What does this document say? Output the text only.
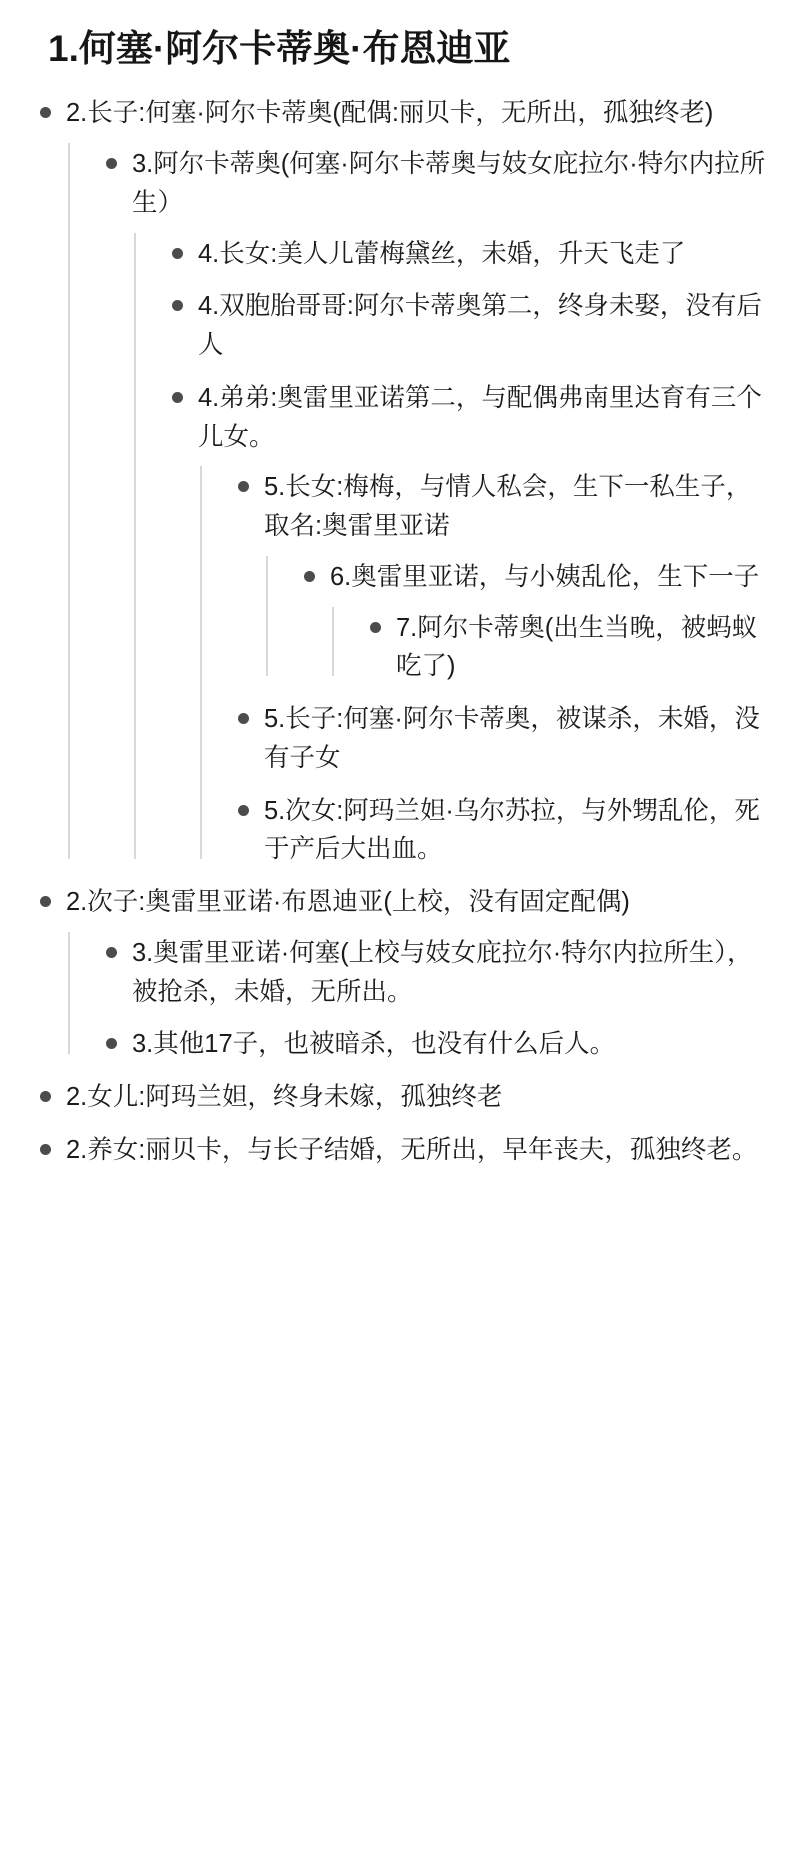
1.何塞·阿尔卡蒂奥·布恩迪亚
2.长子:何塞·阿尔卡蒂奥(配偶:丽贝卡，无所出，孤独终老)
3.阿尔卡蒂奥(何塞·阿尔卡蒂奥与妓女庇拉尔·特尔内拉所生）
4.长女:美人儿蕾梅黛丝，未婚，升天飞走了
4.双胞胎哥哥:阿尔卡蒂奥第二，终身未娶，没有后人
4.弟弟:奥雷里亚诺第二，与配偶弗南里达育有三个儿女。
5.长女:梅梅，与情人私会，生下一私生子，取名:奥雷里亚诺
6.奥雷里亚诺，与小姨乱伦，生下一子
7.阿尔卡蒂奥(出生当晚，被蚂蚁吃了)
5.长子:何塞·阿尔卡蒂奥，被谋杀，未婚，没有子女
5.次女:阿玛兰妲·乌尔苏拉，与外甥乱伦，死于产后大出血。
2.次子:奥雷里亚诺·布恩迪亚(上校，没有固定配偶)
3.奥雷里亚诺·何塞(上校与妓女庇拉尔·特尔内拉所生），被抢杀，未婚，无所出。
3.其他17子，也被暗杀，也没有什么后人。
2.女儿:阿玛兰妲，终身未嫁，孤独终老
2.养女:丽贝卡，与长子结婚，无所出，早年丧夫，孤独终老。
